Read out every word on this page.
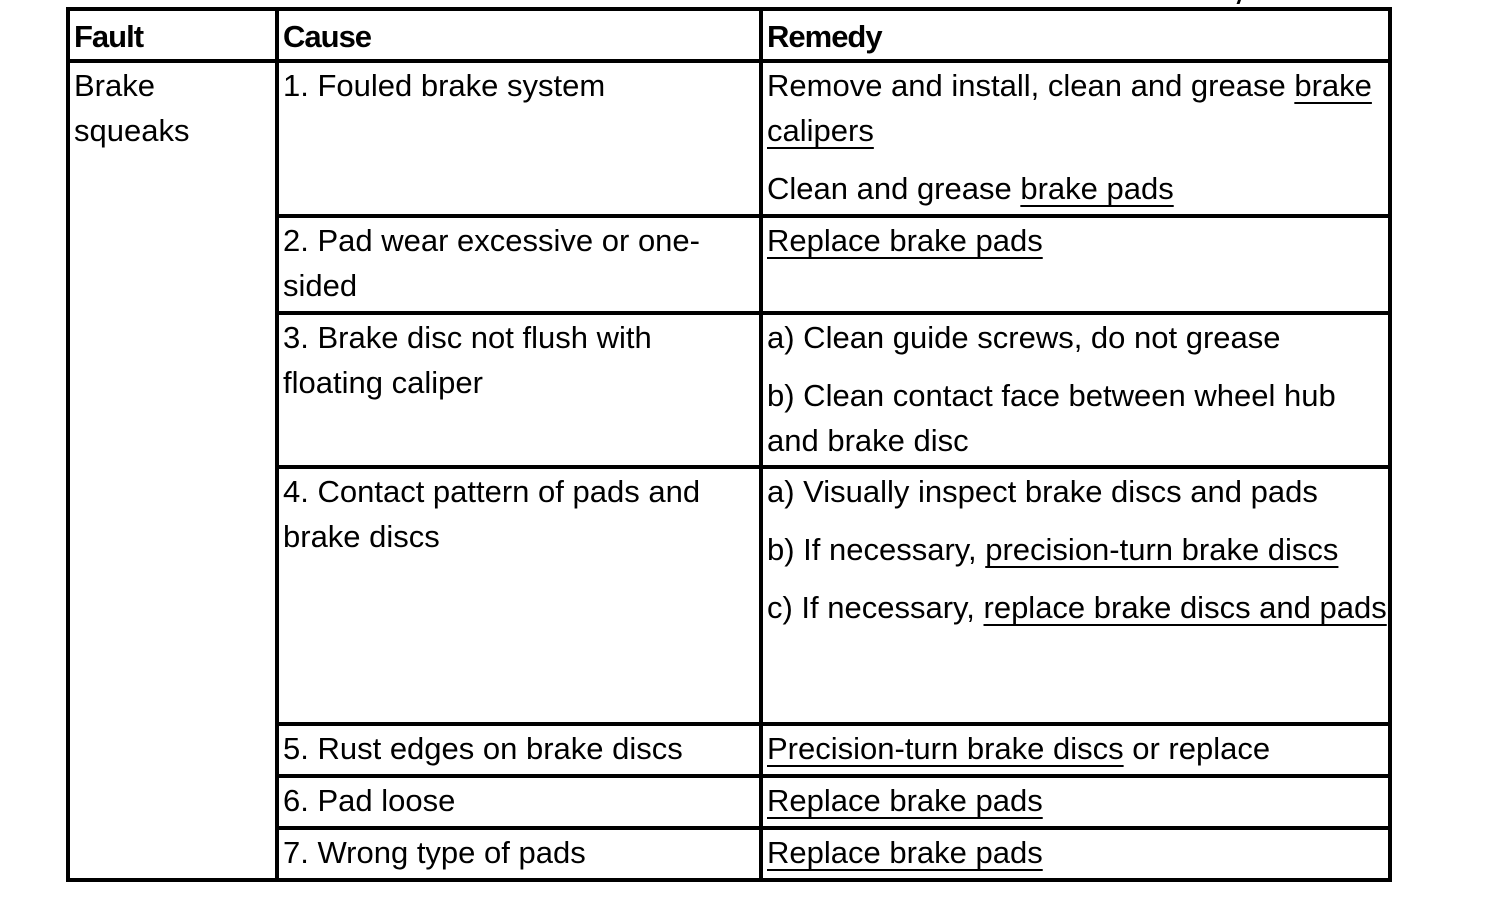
Fault	Cause	Remedy
Brake squeaks	1. Fouled brake system	Remove and install, clean and grease brake calipers
Clean and grease brake pads

	2. Pad wear excessive or one-sided	Replace brake pads

	3. Brake disc not flush with floating caliper	a) Clean guide screws, do not grease
b) Clean contact face between wheel hub and brake disc

	4. Contact pattern of pads and brake discs	a) Visually inspect brake discs and pads
b) If necessary, precision-turn brake discs
c) If necessary, replace brake discs and pads

	5. Rust edges on brake discs	Precision-turn brake discs or replace

	6. Pad loose	Replace brake pads

	7. Wrong type of pads	Replace brake pads
